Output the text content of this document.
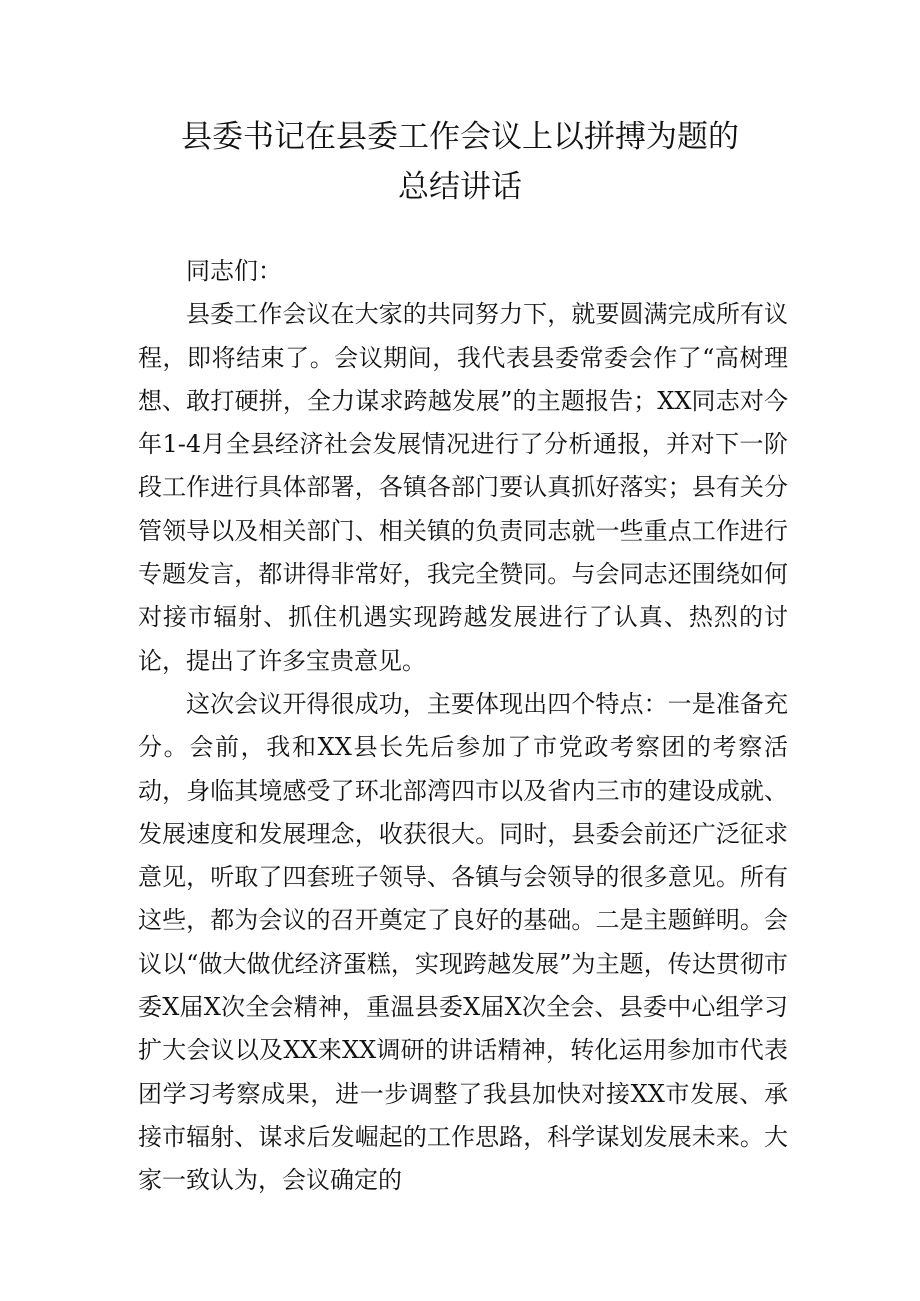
县委书记在县委工作会议上以拼搏为题的
总结讲话

同志们：

县委工作会议在大家的共同努力下，就要圆满完成所有议程，即将结束了。会议期间，我代表县委常委会作了“高树理想、敢打硬拼，全力谋求跨越发展”的主题报告；XX同志对今年1-4月全县经济社会发展情况进行了分析通报，并对下一阶段工作进行具体部署，各镇各部门要认真抓好落实；县有关分管领导以及相关部门、相关镇的负责同志就一些重点工作进行专题发言，都讲得非常好，我完全赞同。与会同志还围绕如何对接市辐射、抓住机遇实现跨越发展进行了认真、热烈的讨论，提出了许多宝贵意见。

这次会议开得很成功，主要体现出四个特点：一是准备充分。会前，我和XX县长先后参加了市党政考察团的考察活动，身临其境感受了环北部湾四市以及省内三市的建设成就、发展速度和发展理念，收获很大。同时，县委会前还广泛征求意见，听取了四套班子领导、各镇与会领导的很多意见。所有这些，都为会议的召开奠定了良好的基础。二是主题鲜明。会议以“做大做优经济蛋糕，实现跨越发展”为主题，传达贯彻市委X届X次全会精神，重温县委X届X次全会、县委中心组学习扩大会议以及XX来XX调研的讲话精神，转化运用参加市代表团学习考察成果，进一步调整了我县加快对接XX市发展、承接市辐射、谋求后发崛起的工作思路，科学谋划发展未来。大家一致认为，会议确定的
